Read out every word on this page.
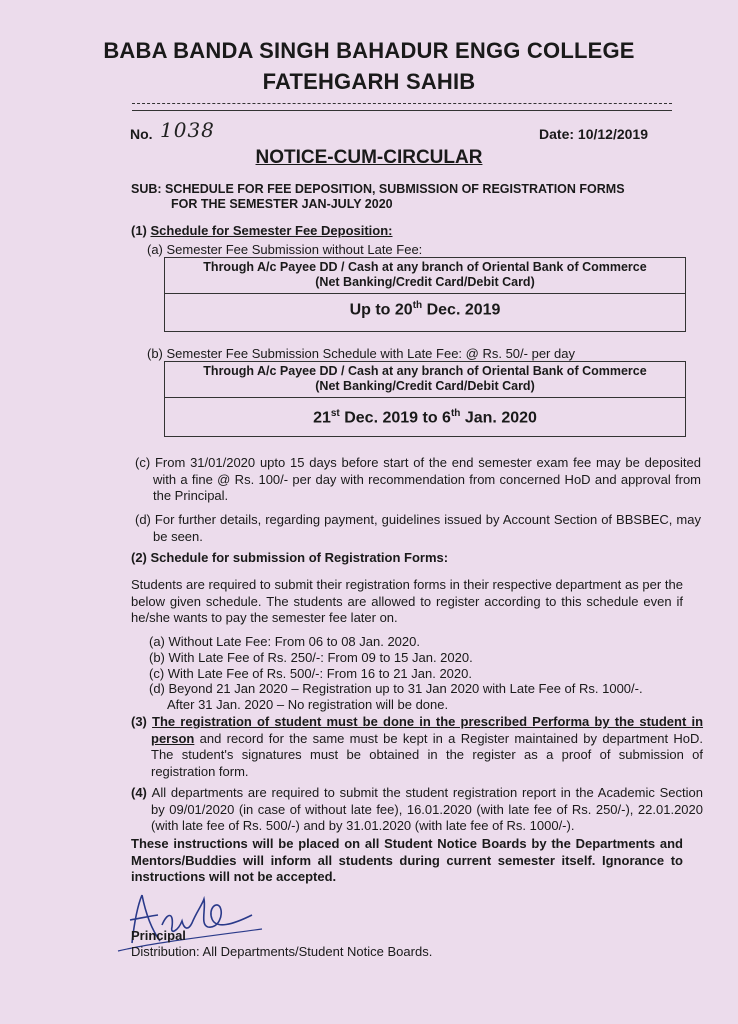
BABA BANDA SINGH BAHADUR ENGG COLLEGE
FATEHGARH SAHIB
No. 1038	Date: 10/12/2019
NOTICE-CUM-CIRCULAR
SUB: SCHEDULE FOR FEE DEPOSITION, SUBMISSION OF REGISTRATION FORMS
FOR THE SEMESTER JAN-JULY 2020
(1) Schedule for Semester Fee Deposition:
(a) Semester Fee Submission without Late Fee:
Through A/c Payee DD / Cash at any branch of Oriental Bank of Commerce
(Net Banking/Credit Card/Debit Card)
Up to 20th Dec. 2019
(b) Semester Fee Submission Schedule with Late Fee: @ Rs. 50/- per day
Through A/c Payee DD / Cash at any branch of Oriental Bank of Commerce
(Net Banking/Credit Card/Debit Card)
21st Dec. 2019 to 6th Jan. 2020
(c) From 31/01/2020 upto 15 days before start of the end semester exam fee may be deposited with a fine @ Rs. 100/- per day with recommendation from concerned HoD and approval from the Principal.
(d) For further details, regarding payment, guidelines issued by Account Section of BBSBEC, may be seen.
(2) Schedule for submission of Registration Forms:
Students are required to submit their registration forms in their respective department as per the below given schedule. The students are allowed to register according to this schedule even if he/she wants to pay the semester fee later on.
(a) Without Late Fee: From 06 to 08 Jan. 2020.
(b) With Late Fee of Rs. 250/-: From 09 to 15 Jan. 2020.
(c) With Late Fee of Rs. 500/-: From 16 to 21 Jan. 2020.
(d) Beyond 21 Jan 2020 – Registration up to 31 Jan 2020 with Late Fee of Rs. 1000/-.
After 31 Jan. 2020 – No registration will be done.
(3) The registration of student must be done in the prescribed Performa by the student in person and record for the same must be kept in a Register maintained by department HoD. The student's signatures must be obtained in the register as a proof of submission of registration form.
(4) All departments are required to submit the student registration report in the Academic Section by 09/01/2020 (in case of without late fee), 16.01.2020 (with late fee of Rs. 250/-), 22.01.2020 (with late fee of Rs. 500/-) and by 31.01.2020 (with late fee of Rs. 1000/-).
These instructions will be placed on all Student Notice Boards by the Departments and Mentors/Buddies will inform all students during current semester itself. Ignorance to instructions will not be accepted.
Principal
Distribution: All Departments/Student Notice Boards.
